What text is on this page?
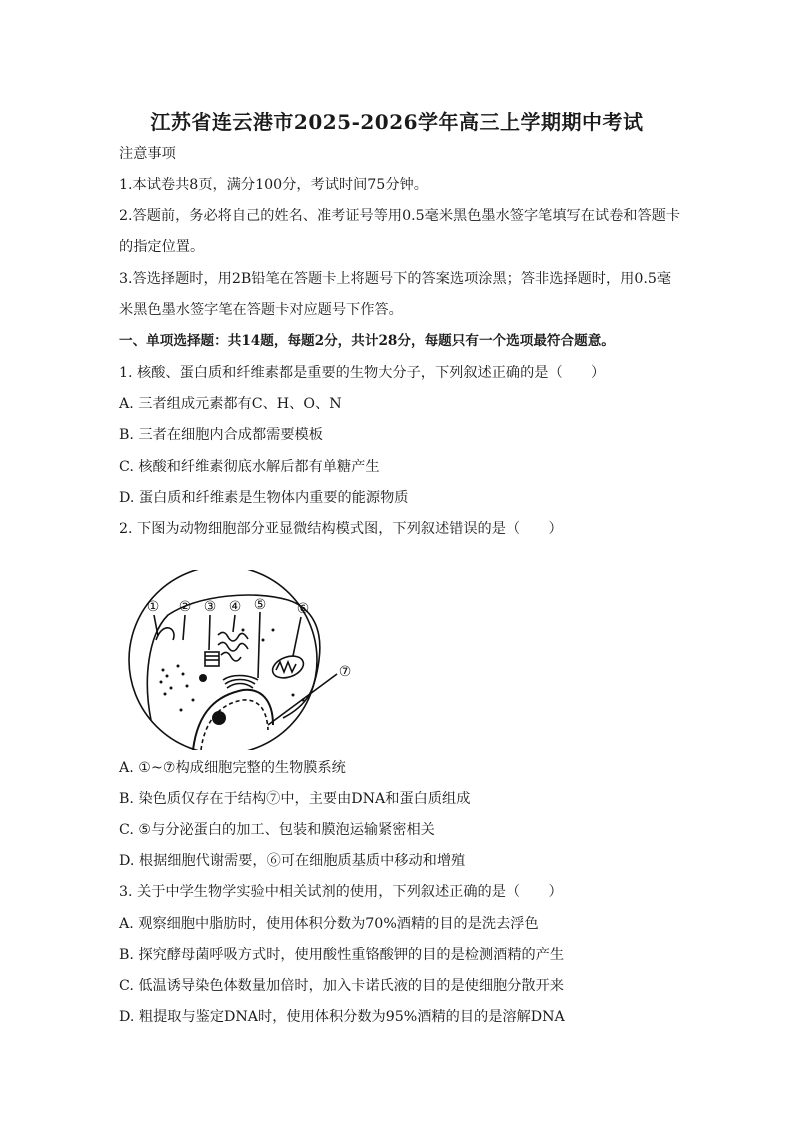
江苏省连云港市2025-2026学年高三上学期期中考试
注意事项
1.本试卷共8页，满分100分，考试时间75分钟。
2.答题前，务必将自己的姓名、准考证号等用0.5毫米黑色墨水签字笔填写在试卷和答题卡
的指定位置。
3.答选择题时，用2B铅笔在答题卡上将题号下的答案选项涂黑；答非选择题时，用0.5毫
米黑色墨水签字笔在答题卡对应题号下作答。
一、单项选择题：共14题，每题2分，共计28分，每题只有一个选项最符合题意。
1. 核酸、蛋白质和纤维素都是重要的生物大分子，下列叙述正确的是（　　）
A. 三者组成元素都有C、H、O、N
B. 三者在细胞内合成都需要模板
C. 核酸和纤维素彻底水解后都有单糖产生
D. 蛋白质和纤维素是生物体内重要的能源物质
2. 下图为动物细胞部分亚显微结构模式图，下列叙述错误的是（　　）
① ② ③ ④ ⑤ ⑥
⑦
A. ①~⑦构成细胞完整的生物膜系统
B. 染色质仅存在于结构⑦中，主要由DNA和蛋白质组成
C. ⑤与分泌蛋白的加工、包装和膜泡运输紧密相关
D. 根据细胞代谢需要，⑥可在细胞质基质中移动和增殖
3. 关于中学生物学实验中相关试剂的使用，下列叙述正确的是（　　）
A. 观察细胞中脂肪时，使用体积分数为70%酒精的目的是洗去浮色
B. 探究酵母菌呼吸方式时，使用酸性重铬酸钾的目的是检测酒精的产生
C. 低温诱导染色体数量加倍时，加入卡诺氏液的目的是使细胞分散开来
D. 粗提取与鉴定DNA时，使用体积分数为95%酒精的目的是溶解DNA
